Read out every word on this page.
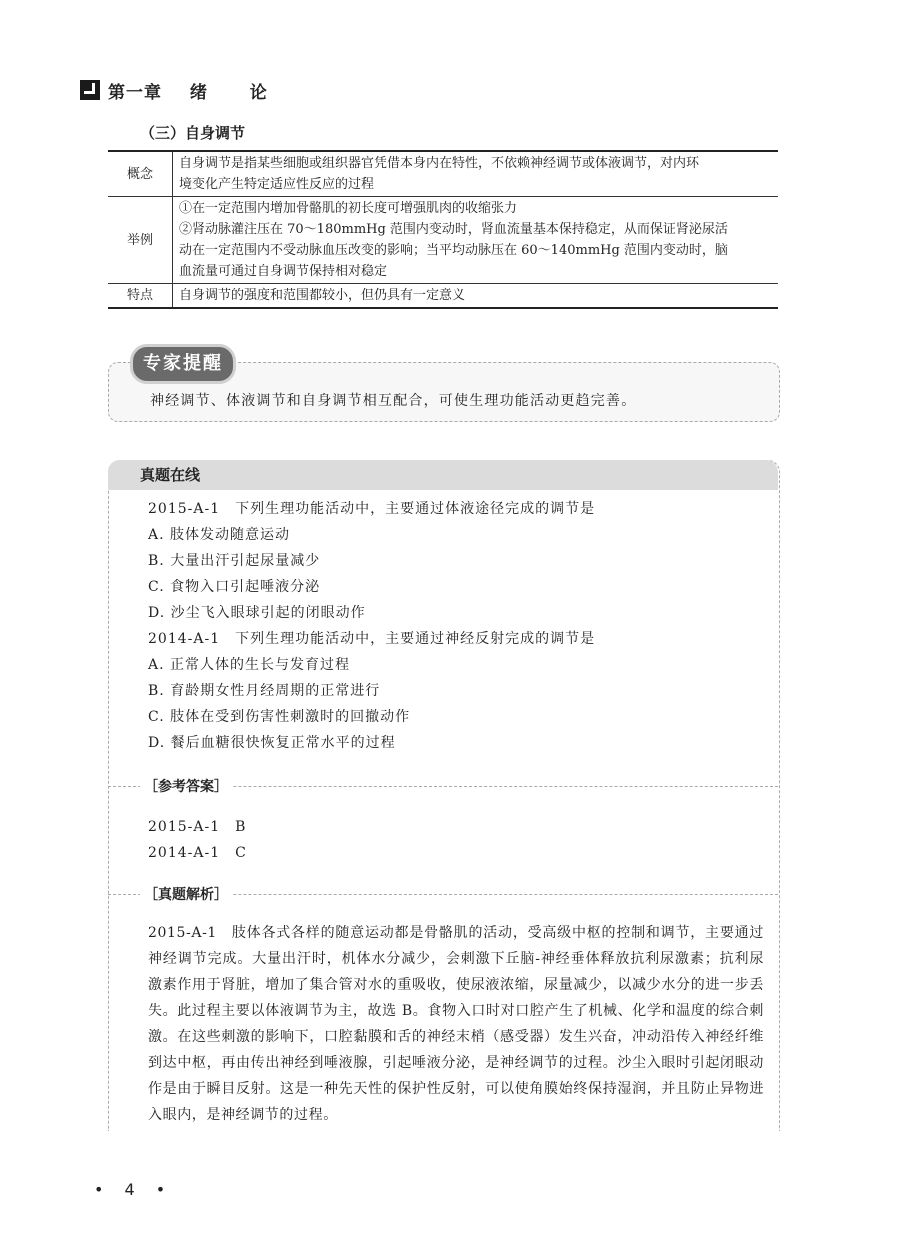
第一章 绪 论
（三）自身调节
概念	自身调节是指某些细胞或组织器官凭借本身内在特性，不依赖神经调节或体液调节，对内环
境变化产生特定适应性反应的过程

举例	①在一定范围内增加骨骼肌的初长度可增强肌肉的收缩张力
②肾动脉灌注压在 70～180mmHg 范围内变动时，肾血流量基本保持稳定，从而保证肾泌尿活
动在一定范围内不受动脉血压改变的影响；当平均动脉压在 60～140mmHg 范围内变动时，脑
血流量可通过自身调节保持相对稳定

特点	自身调节的强度和范围都较小，但仍具有一定意义
专家提醒
神经调节、体液调节和自身调节相互配合，可使生理功能活动更趋完善。
真题在线
2015-A-1　下列生理功能活动中，主要通过体液途径完成的调节是
A. 肢体发动随意运动
B. 大量出汗引起尿量减少
C. 食物入口引起唾液分泌
D. 沙尘飞入眼球引起的闭眼动作
2014-A-1　下列生理功能活动中，主要通过神经反射完成的调节是
A. 正常人体的生长与发育过程
B. 育龄期女性月经周期的正常进行
C. 肢体在受到伤害性刺激时的回撤动作
D. 餐后血糖很快恢复正常水平的过程
［参考答案］
2015-A-1　B
2014-A-1　C
［真题解析］
2015-A-1　肢体各式各样的随意运动都是骨骼肌的活动，受高级中枢的控制和调节，主要通过神经调节完成。大量出汗时，机体水分减少，会刺激下丘脑-神经垂体释放抗利尿激素；抗利尿激素作用于肾脏，增加了集合管对水的重吸收，使尿液浓缩，尿量减少，以减少水分的进一步丢失。此过程主要以体液调节为主，故选 B。食物入口时对口腔产生了机械、化学和温度的综合刺激。在这些刺激的影响下，口腔黏膜和舌的神经末梢（感受器）发生兴奋，冲动沿传入神经纤维到达中枢，再由传出神经到唾液腺，引起唾液分泌，是神经调节的过程。沙尘入眼时引起闭眼动作是由于瞬目反射。这是一种先天性的保护性反射，可以使角膜始终保持湿润，并且防止异物进入眼内，是神经调节的过程。
• 4 •
